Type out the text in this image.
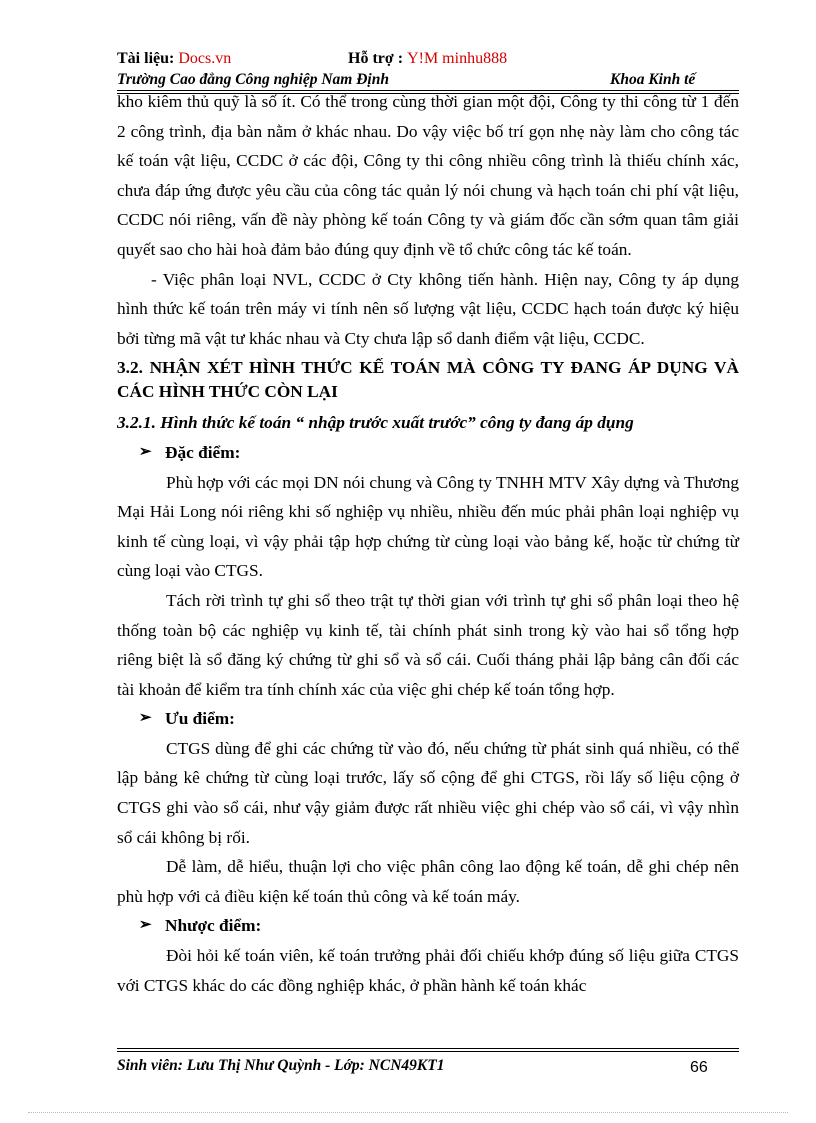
Tài liệu: Docs.vn	Hỗ trợ : Y!M minhu888
Trường Cao đẳng Công nghiệp Nam Định	Khoa Kinh tế

kho kiêm thủ quỹ là số ít. Có thể trong cùng thời gian một đội, Công ty thi công từ 1 đến 2 công trình, địa bàn nằm ở khác nhau. Do vậy việc bố trí gọn nhẹ này làm cho công tác kế toán vật liệu, CCDC ở các đội, Công ty thi công nhiều công trình là thiếu chính xác, chưa đáp ứng được yêu cầu của công tác quản lý nói chung và hạch toán chi phí vật liệu, CCDC nói riêng, vấn đề này phòng kế toán Công ty và giám đốc cần sớm quan tâm giải quyết sao cho hài hoà đảm bảo đúng quy định về tổ chức công tác kế toán.

- Việc phân loại NVL, CCDC ở Cty không tiến hành. Hiện nay, Công ty áp dụng hình thức kế toán trên máy vi tính nên số lượng vật liệu, CCDC hạch toán được ký hiệu bởi từng mã vật tư khác nhau và Cty chưa lập sổ danh điểm vật liệu, CCDC.

3.2. NHẬN XÉT HÌNH THỨC KẾ TOÁN MÀ CÔNG TY ĐANG ÁP DỤNG VÀ CÁC HÌNH THỨC CÒN LẠI

3.2.1. Hình thức kế toán “ nhập trước xuất trước” công ty đang áp dụng

➢ Đặc điểm:

Phù hợp với các mọi DN nói chung và Công ty TNHH MTV Xây dựng và Thương Mại Hải Long nói riêng khi số nghiệp vụ nhiều, nhiều đến múc phải phân loại nghiệp vụ kinh tế cùng loại, vì vậy phải tập hợp chứng từ cùng loại vào bảng kế, hoặc từ chứng từ cùng loại vào CTGS.

Tách rời trình tự ghi sổ theo trật tự thời gian với trình tự ghi sổ phân loại theo hệ thống toàn bộ các nghiệp vụ kinh tế, tài chính phát sinh trong kỳ vào hai sổ tổng hợp riêng biệt là sổ đăng ký chứng từ ghi sổ và sổ cái. Cuối tháng phải lập bảng cân đối các tài khoản để kiểm tra tính chính xác của việc ghi chép kế toán tổng hợp.

➢ Ưu điểm:

CTGS dùng để ghi các chứng từ vào đó, nếu chứng từ phát sinh quá nhiều, có thể lập bảng kê chứng từ cùng loại trước, lấy số cộng để ghi CTGS, rồi lấy số liệu cộng ở CTGS ghi vào sổ cái, như vậy giảm được rất nhiều việc ghi chép vào sổ cái, vì vậy nhìn sổ cái không bị rối.

Dễ làm, dễ hiểu, thuận lợi cho việc phân công lao động kế toán, dễ ghi chép nên phù hợp với cả điều kiện kế toán thủ công và kế toán máy.

➢ Nhược điểm:

Đòi hỏi kế toán viên, kế toán trưởng phải đối chiếu khớp đúng số liệu giữa CTGS với CTGS khác do các đồng nghiệp khác, ở phần hành kế toán khác

Sinh viên: Lưu Thị Như Quỳnh - Lớp: NCN49KT1	66
